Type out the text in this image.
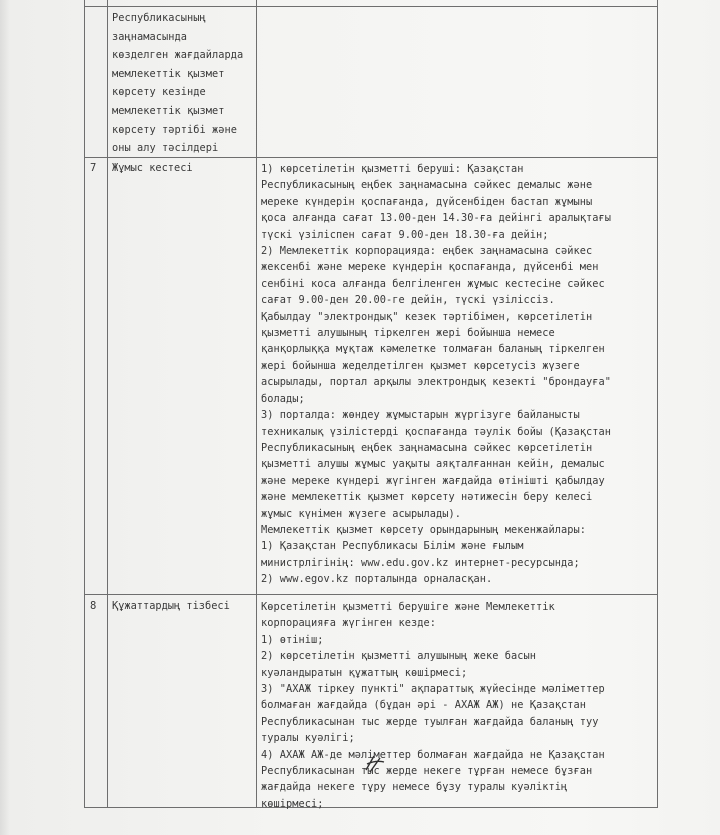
Республикасының
заңнамасында
көзделген жағдайларда
мемлекеттік қызмет
көрсету кезінде
мемлекеттік қызмет
көрсету тәртібі және
оны алу тәсілдері
7 Жұмыс кестесі	1) көрсетілетін қызметті беруші: Қазақстан
Республикасының еңбек заңнамасына сәйкес демалыс және
мереке күндерін қоспағанда, дүйсенбіден бастап жұмыны
қоса алғанда сағат 13.00-ден 14.30-ға дейінгі аралықтағы
түскі үзіліспен сағат 9.00-ден 18.30-ға дейін;
2) Мемлекеттік корпорацияда: еңбек заңнамасына сәйкес
жексенбі және мереке күндерін қоспағанда, дүйсенбі мен
сенбіні коса алғанда белгіленген жұмыс кестесіне сәйкес
сағат 9.00-ден 20.00-ге дейін, түскі үзіліссіз.
Қабылдау "электрондық" кезек тәртібімен, көрсетілетін
қызметті алушының тіркелген жері бойынша немесе
қанқорлыққа мұқтаж кәмелетке толмаған баланың тіркелген
жері бойынша жеделдетілген қызмет көрсетусіз жүзеге
асырылады, портал арқылы электрондық кезекті "брондауға"
болады;
3) порталда: жөндеу жұмыстарын жүргізуге байланысты
техникалық үзілістерді қоспағанда тәулік бойы (Қазақстан
Республикасының еңбек заңнамасына сәйкес көрсетілетін
қызметті алушы жұмыс уақыты аяқталғаннан кейін, демалыс
және мереке күндері жүгінген жағдайда өтінішті қабылдау
және мемлекеттік қызмет көрсету нәтижесін беру келесі
жұмыс күнімен жүзеге асырылады).
Мемлекеттік қызмет көрсету орындарының мекенжайлары:
1) Қазақстан Республикасы Білім және ғылым
министрлігінің: www.edu.gov.kz интернет-ресурсында;
2) www.egov.kz порталында орналасқан.
8 Құжаттардың тізбесі	Көрсетілетін қызметті берушіге және Мемлекеттік
корпорацияға жүгінген кезде:
1) өтініш;
2) көрсетілетін қызметті алушының жеке басын
куәландыратын құжаттың көшірмесі;
3) "АХАЖ тіркеу пункті" ақпараттық жүйесінде мәліметтер
болмаған жағдайда (бұдан әрі - АХАЖ АЖ) не Қазақстан
Республикасынан тыс жерде туылған жағдайда баланың туу
туралы куәлігі;
4) АХАЖ АЖ-де мәліметтер болмаған жағдайда не Қазақстан
Республикасынан тыс жерде некеге тұрған немесе бұзған
жағдайда некеге тұру немесе бұзу туралы куәліктің
көшірмесі;
